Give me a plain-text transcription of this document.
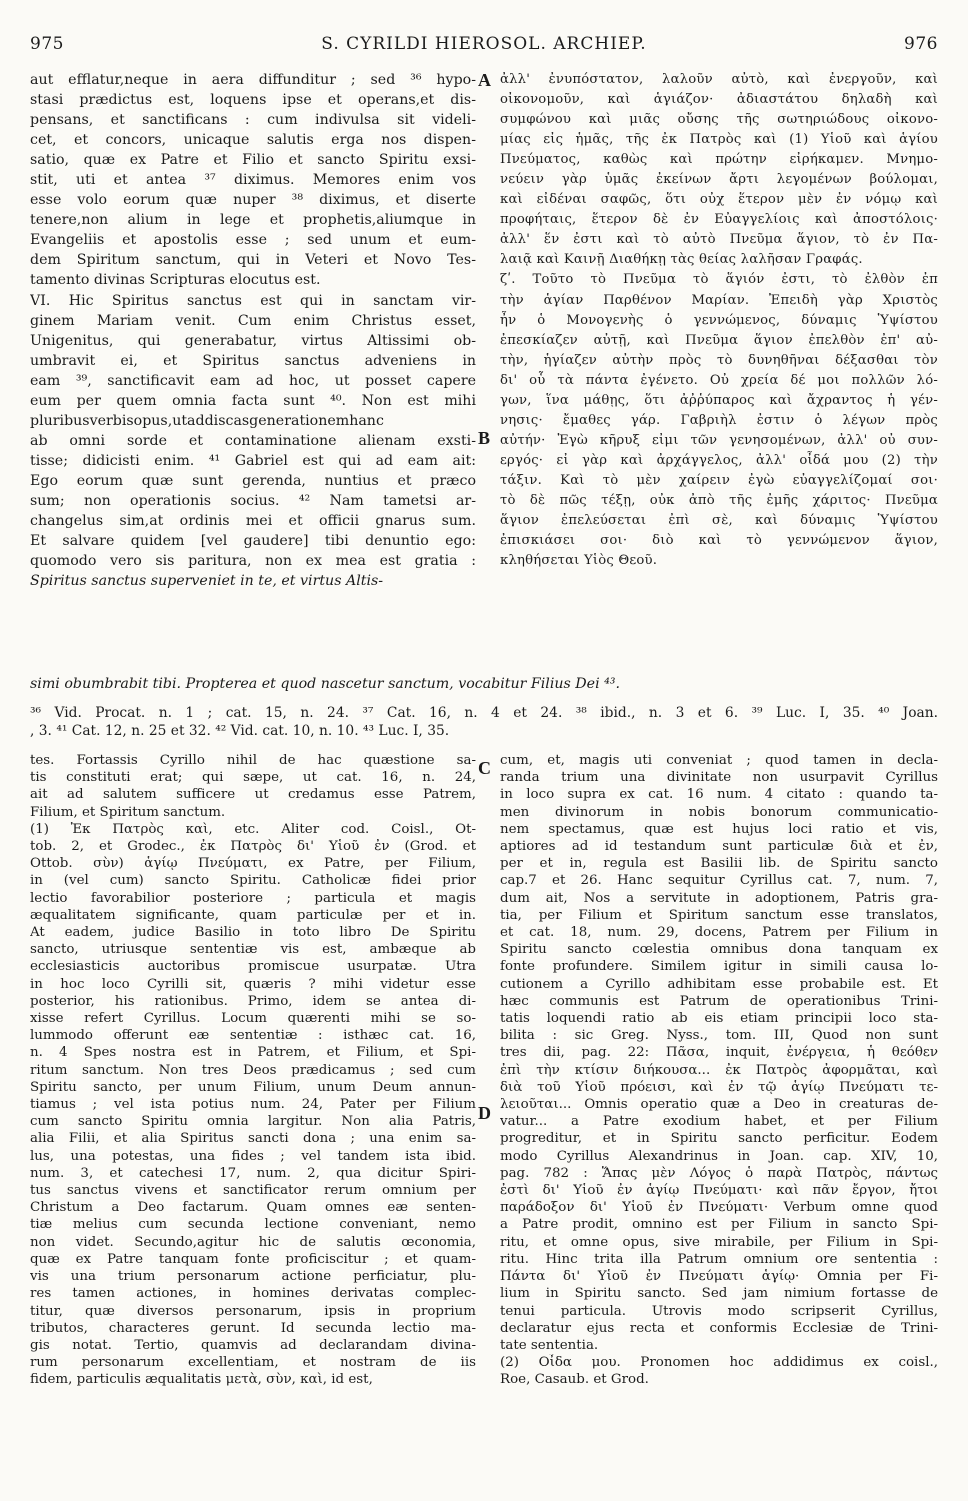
975	S. CYRILDI HIEROSOL. ARCHIEP.	976
A
B
C
D
aut efflatur,neque in aera diffunditur ; sed ³⁶ hypo-
stasi prædictus est, loquens ipse et operans,et dis-
pensans, et sanctificans : cum indivulsa sit videli-
cet, et concors, unicaque salutis erga nos dispen-
satio, quæ ex Patre et Filio et sancto Spiritu exsi-
stit, uti et antea ³⁷ diximus. Memores enim vos
esse volo eorum quæ nuper ³⁸ diximus, et diserte
tenere,non alium in lege et prophetis,aliumque in
Evangeliis et apostolis esse ; sed unum et eum-
dem Spiritum sanctum, qui in Veteri et Novo Tes-
tamento divinas Scripturas elocutus est.
VI. Hic Spiritus sanctus est qui in sanctam vir-
ginem Mariam venit. Cum enim Christus esset,
Unigenitus, qui generabatur, virtus Altissimi ob-
umbravit ei, et Spiritus sanctus adveniens in
eam ³⁹, sanctificavit eam ad hoc, ut posset capere
eum per quem omnia facta sunt ⁴⁰. Non est mihi
pluribusverbisopus,utaddiscasgenerationemhanc
ab omni sorde et contaminatione alienam exsti-
tisse; didicisti enim. ⁴¹ Gabriel est qui ad eam ait:
Ego eorum quæ sunt gerenda, nuntius et præco
sum; non operationis socius. ⁴² Nam tametsi ar-
changelus sim,at ordinis mei et officii gnarus sum.
Et salvare quidem [vel gaudere] tibi denuntio ego:
quomodo vero sis paritura, non ex mea est gratia :
Spiritus sanctus superveniet in te, et virtus Altis-
ἀλλ' ἐνυπόστατον, λαλοῦν αὐτὸ, καὶ ἐνεργοῦν, καὶ
οἰκονομοῦν, καὶ ἁγιάζον· ἀδιαστάτου δηλαδὴ καὶ
συμφώνου καὶ μιᾶς οὔσης τῆς σωτηριώδους οἰκονο-
μίας εἰς ἡμᾶς, τῆς ἐκ Πατρὸς καὶ (1) Υἱοῦ καὶ ἁγίου
Πνεύματος, καθὼς καὶ πρώτην εἰρήκαμεν. Μνημο-
νεύειν γὰρ ὑμᾶς ἐκείνων ἄρτι λεγομένων βούλομαι,
καὶ εἰδέναι σαφῶς, ὅτι οὐχ ἕτερον μὲν ἐν νόμῳ καὶ
προφήταις, ἕτερον δὲ ἐν Εὐαγγελίοις καὶ ἀποστόλοις·
ἀλλ' ἕν ἐστι καὶ τὸ αὐτὸ Πνεῦμα ἅγιον, τὸ ἐν Πα-
λαιᾷ καὶ Καινῇ Διαθήκῃ τὰς θείας λαλῆσαν Γραφάς.
ζʹ. Τοῦτο τὸ Πνεῦμα τὸ ἅγιόν ἐστι, τὸ ἐλθὸν ἐπ
τὴν ἁγίαν Παρθένον Μαρίαν. Ἐπειδὴ γὰρ Χριστὸς
ἦν ὁ Μονογενὴς ὁ γεννώμενος, δύναμις Ὑψίστου
ἐπεσκίαζεν αὐτῇ, καὶ Πνεῦμα ἅγιον ἐπελθὸν ἐπ' αὐ-
τὴν, ἡγίαζεν αὐτὴν πρὸς τὸ δυνηθῆναι δέξασθαι τὸν
δι' οὗ τὰ πάντα ἐγένετο. Οὐ χρεία δέ μοι πολλῶν λό-
γων, ἵνα μάθῃς, ὅτι ἀῤῥύπαρος καὶ ἄχραντος ἡ γέν-
νησις· ἔμαθες γάρ. Γαβριὴλ ἐστιν ὁ λέγων πρὸς
αὐτήν· Ἐγὼ κῆρυξ εἰμι τῶν γενησομένων, ἀλλ' οὐ συν-
εργός· εἰ γὰρ καὶ ἀρχάγγελος, ἀλλ' οἶδά μου (2) τὴν
τάξιν. Καὶ τὸ μὲν χαίρειν ἐγὼ εὐαγγελίζομαί σοι·
τὸ δὲ πῶς τέξῃ, οὐκ ἀπὸ τῆς ἐμῆς χάριτος· Πνεῦμα
ἅγιον ἐπελεύσεται ἐπὶ σὲ, καὶ δύναμις Ὑψίστου
ἐπισκιάσει σοι· διὸ καὶ τὸ γεννώμενον ἅγιον,
κληθήσεται Υἱὸς Θεοῦ.
simi obumbrabit tibi. Propterea et quod nascetur sanctum, vocabitur Filius Dei ⁴³.
³⁶ Vid. Procat. n. 1 ; cat. 15, n. 24. ³⁷ Cat. 16, n. 4 et 24. ³⁸ ibid., n. 3 et 6. ³⁹ Luc. I, 35. ⁴⁰ Joan.
, 3. ⁴¹ Cat. 12, n. 25 et 32. ⁴² Vid. cat. 10, n. 10. ⁴³ Luc. I, 35.
tes. Fortassis Cyrillo nihil de hac quæstione sa-
tis constituti erat; qui sæpe, ut cat. 16, n. 24,
ait ad salutem sufficere ut credamus esse Patrem,
Filium, et Spiritum sanctum.
(1) Ἐκ Πατρὸς καὶ, etc. Aliter cod. Coisl., Ot-
tob. 2, et Grodec., ἐκ Πατρὸς δι' Υἱοῦ ἐν (Grod. et
Ottob. σὺν) ἁγίῳ Πνεύματι, ex Patre, per Filium,
in (vel cum) sancto Spiritu. Catholicæ fidei prior
lectio favorabilior posteriore ; particula et magis
æqualitatem significante, quam particulæ per et in.
At eadem, judice Basilio in toto libro De Spiritu
sancto, utriusque sententiæ vis est, ambæque ab
ecclesiasticis auctoribus promiscue usurpatæ. Utra
in hoc loco Cyrilli sit, quæris ? mihi videtur esse
posterior, his rationibus. Primo, idem se antea di-
xisse refert Cyrillus. Locum quærenti mihi se so-
lummodo offerunt eæ sententiæ : isthæc cat. 16,
n. 4 Spes nostra est in Patrem, et Filium, et Spi-
ritum sanctum. Non tres Deos prædicamus ; sed cum
Spiritu sancto, per unum Filium, unum Deum annun-
tiamus ; vel ista potius num. 24, Pater per Filium
cum sancto Spiritu omnia largitur. Non alia Patris,
alia Filii, et alia Spiritus sancti dona ; una enim sa-
lus, una potestas, una fides ; vel tandem ista ibid.
num. 3, et catechesi 17, num. 2, qua dicitur Spiri-
tus sanctus vivens et sanctificator rerum omnium per
Christum a Deo factarum. Quam omnes eæ senten-
tiæ melius cum secunda lectione conveniant, nemo
non videt. Secundo,agitur hic de salutis œconomia,
quæ ex Patre tanquam fonte proficiscitur ; et quam-
vis una trium personarum actione perficiatur, plu-
res tamen actiones, in homines derivatas complec-
titur, quæ diversos personarum, ipsis in proprium
tributos, characteres gerunt. Id secunda lectio ma-
gis notat. Tertio, quamvis ad declarandam divina-
rum personarum excellentiam, et nostram de iis
fidem, particulis æqualitatis μετὰ, σὺν, καὶ, id est,
cum, et, magis uti conveniat ; quod tamen in decla-
randa trium una divinitate non usurpavit Cyrillus
in loco supra ex cat. 16 num. 4 citato : quando ta-
men divinorum in nobis bonorum communicatio-
nem spectamus, quæ est hujus loci ratio et vis,
aptiores ad id testandum sunt particulæ διὰ et ἐν,
per et in, regula est Basilii lib. de Spiritu sancto
cap.7 et 26. Hanc sequitur Cyrillus cat. 7, num. 7,
dum ait, Nos a servitute in adoptionem, Patris gra-
tia, per Filium et Spiritum sanctum esse translatos,
et cat. 18, num. 29, docens, Patrem per Filium in
Spiritu sancto cœlestia omnibus dona tanquam ex
fonte profundere. Similem igitur in simili causa lo-
cutionem a Cyrillo adhibitam esse probabile est. Et
hæc communis est Patrum de operationibus Trini-
tatis loquendi ratio ab eis etiam principii loco sta-
bilita : sic Greg. Nyss., tom. III, Quod non sunt
tres dii, pag. 22: Πᾶσα, inquit, ἐνέργεια, ἡ θεόθεν
ἐπὶ τὴν κτίσιν διήκουσα... ἐκ Πατρὸς ἀφορμᾶται, καὶ
διὰ τοῦ Υἱοῦ πρόεισι, καὶ ἐν τῷ ἁγίῳ Πνεύματι τε-
λειοῦται... Omnis operatio quæ a Deo in creaturas de-
vatur... a Patre exodium habet, et per Filium
progreditur, et in Spiritu sancto perficitur. Eodem
modo Cyrillus Alexandrinus in Joan. cap. XIV, 10,
pag. 782 : Ἅπας μὲν Λόγος ὁ παρὰ Πατρὸς, πάντως
ἐστὶ δι' Υἱοῦ ἐν ἁγίῳ Πνεύματι· καὶ πᾶν ἔργον, ἤτοι
παράδοξον δι' Υἱοῦ ἐν Πνεύματι· Verbum omne quod
a Patre prodit, omnino est per Filium in sancto Spi-
ritu, et omne opus, sive mirabile, per Filium in Spi-
ritu. Hinc trita illa Patrum omnium ore sententia :
Πάντα δι' Υἱοῦ ἐν Πνεύματι ἁγίῳ· Omnia per Fi-
lium in Spiritu sancto. Sed jam nimium fortasse de
tenui particula. Utrovis modo scripserit Cyrillus,
declaratur ejus recta et conformis Ecclesiæ de Trini-
tate sententia.
(2) Οἶδα μου. Pronomen hoc addidimus ex coisl.,
Roe, Casaub. et Grod.
